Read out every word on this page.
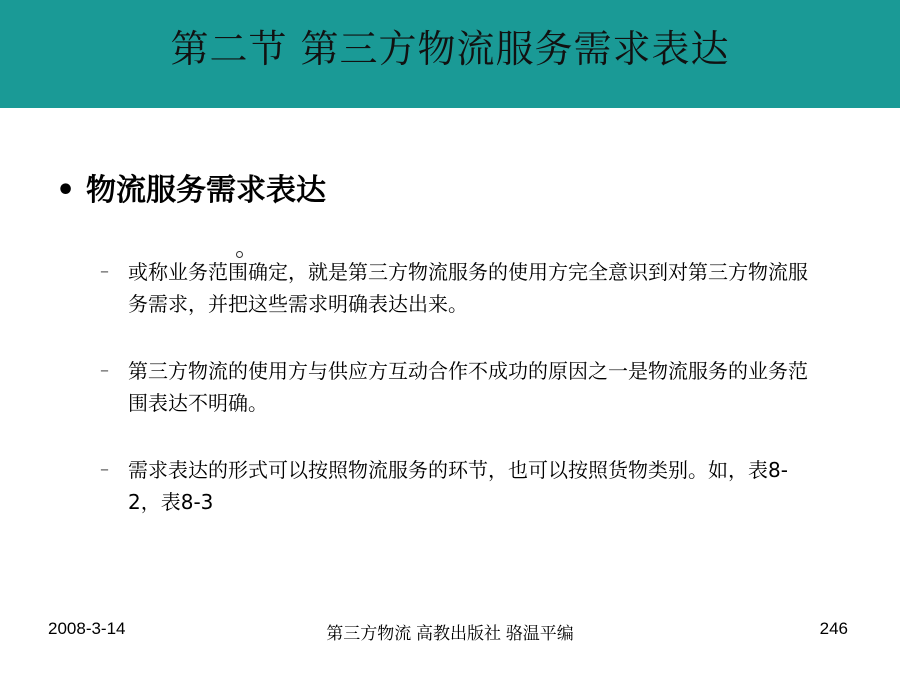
第二节 第三方物流服务需求表达
• 物流服务需求表达
– 或称业务范围确定，就是第三方物流服务的使用方完全意识到对第三方物流服务需求，并把这些需求明确表达出来。
– 第三方物流的使用方与供应方互动合作不成功的原因之一是物流服务的业务范围表达不明确。
– 需求表达的形式可以按照物流服务的环节，也可以按照货物类别。如，表8-2，表8-3
2008-3-14	第三方物流 高教出版社 骆温平编	246
